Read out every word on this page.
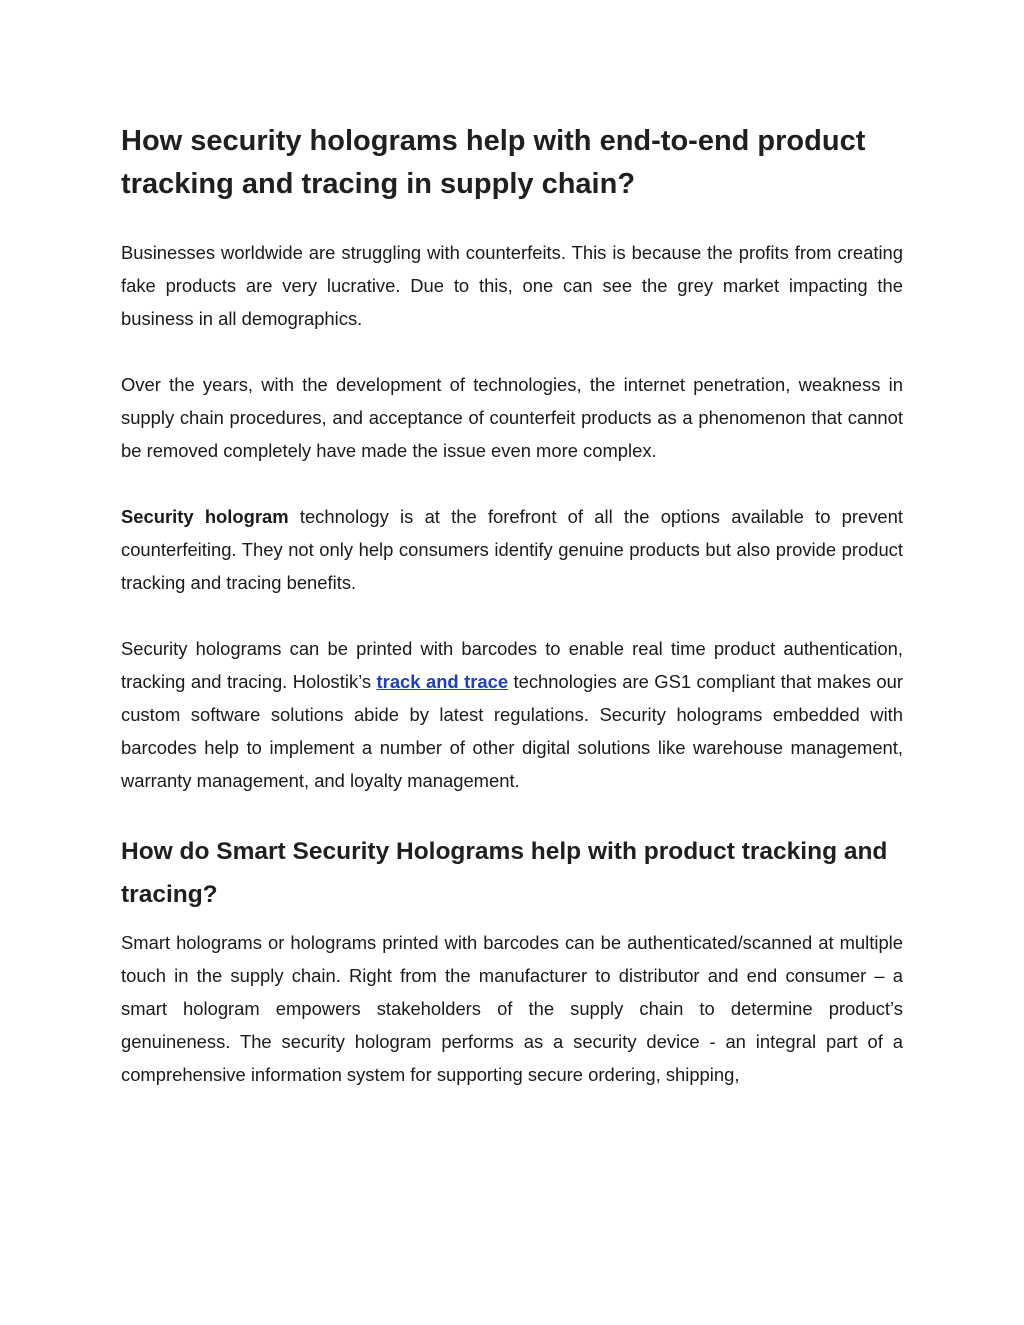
How security holograms help with end-to-end product tracking and tracing in supply chain?

Businesses worldwide are struggling with counterfeits. This is because the profits from creating fake products are very lucrative. Due to this, one can see the grey market impacting the business in all demographics.

Over the years, with the development of technologies, the internet penetration, weakness in supply chain procedures, and acceptance of counterfeit products as a phenomenon that cannot be removed completely have made the issue even more complex.

Security hologram technology is at the forefront of all the options available to prevent counterfeiting. They not only help consumers identify genuine products but also provide product tracking and tracing benefits.

Security holograms can be printed with barcodes to enable real time product authentication, tracking and tracing. Holostik’s track and trace technologies are GS1 compliant that makes our custom software solutions abide by latest regulations. Security holograms embedded with barcodes help to implement a number of other digital solutions like warehouse management, warranty management, and loyalty management.

How do Smart Security Holograms help with product tracking and tracing?

Smart holograms or holograms printed with barcodes can be authenticated/scanned at multiple touch in the supply chain. Right from the manufacturer to distributor and end consumer – a smart hologram empowers stakeholders of the supply chain to determine product’s genuineness. The security hologram performs as a security device - an integral part of a comprehensive information system for supporting secure ordering, shipping,
